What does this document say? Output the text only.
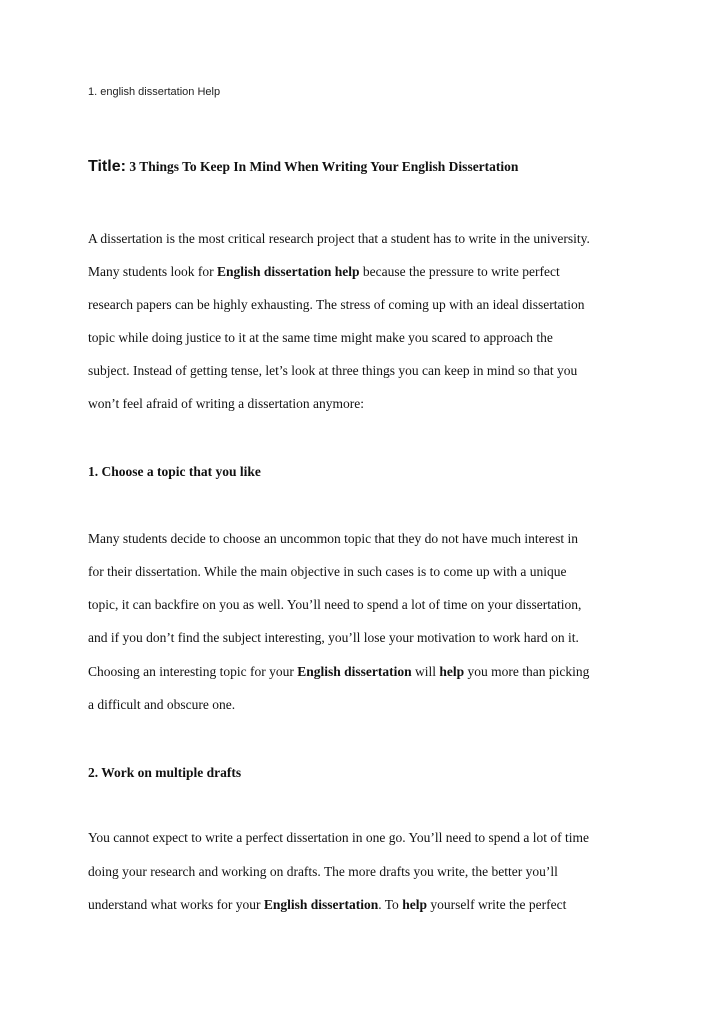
1. english dissertation Help
Title: 3 Things To Keep In Mind When Writing Your English Dissertation
A dissertation is the most critical research project that a student has to write in the university.
Many students look for English dissertation help because the pressure to write perfect
research papers can be highly exhausting. The stress of coming up with an ideal dissertation
topic while doing justice to it at the same time might make you scared to approach the
subject. Instead of getting tense, let’s look at three things you can keep in mind so that you
won’t feel afraid of writing a dissertation anymore:
1. Choose a topic that you like
Many students decide to choose an uncommon topic that they do not have much interest in
for their dissertation. While the main objective in such cases is to come up with a unique
topic, it can backfire on you as well. You’ll need to spend a lot of time on your dissertation,
and if you don’t find the subject interesting, you’ll lose your motivation to work hard on it.
Choosing an interesting topic for your English dissertation will help you more than picking
a difficult and obscure one.
2. Work on multiple drafts
You cannot expect to write a perfect dissertation in one go. You’ll need to spend a lot of time
doing your research and working on drafts. The more drafts you write, the better you’ll
understand what works for your English dissertation. To help yourself write the perfect
